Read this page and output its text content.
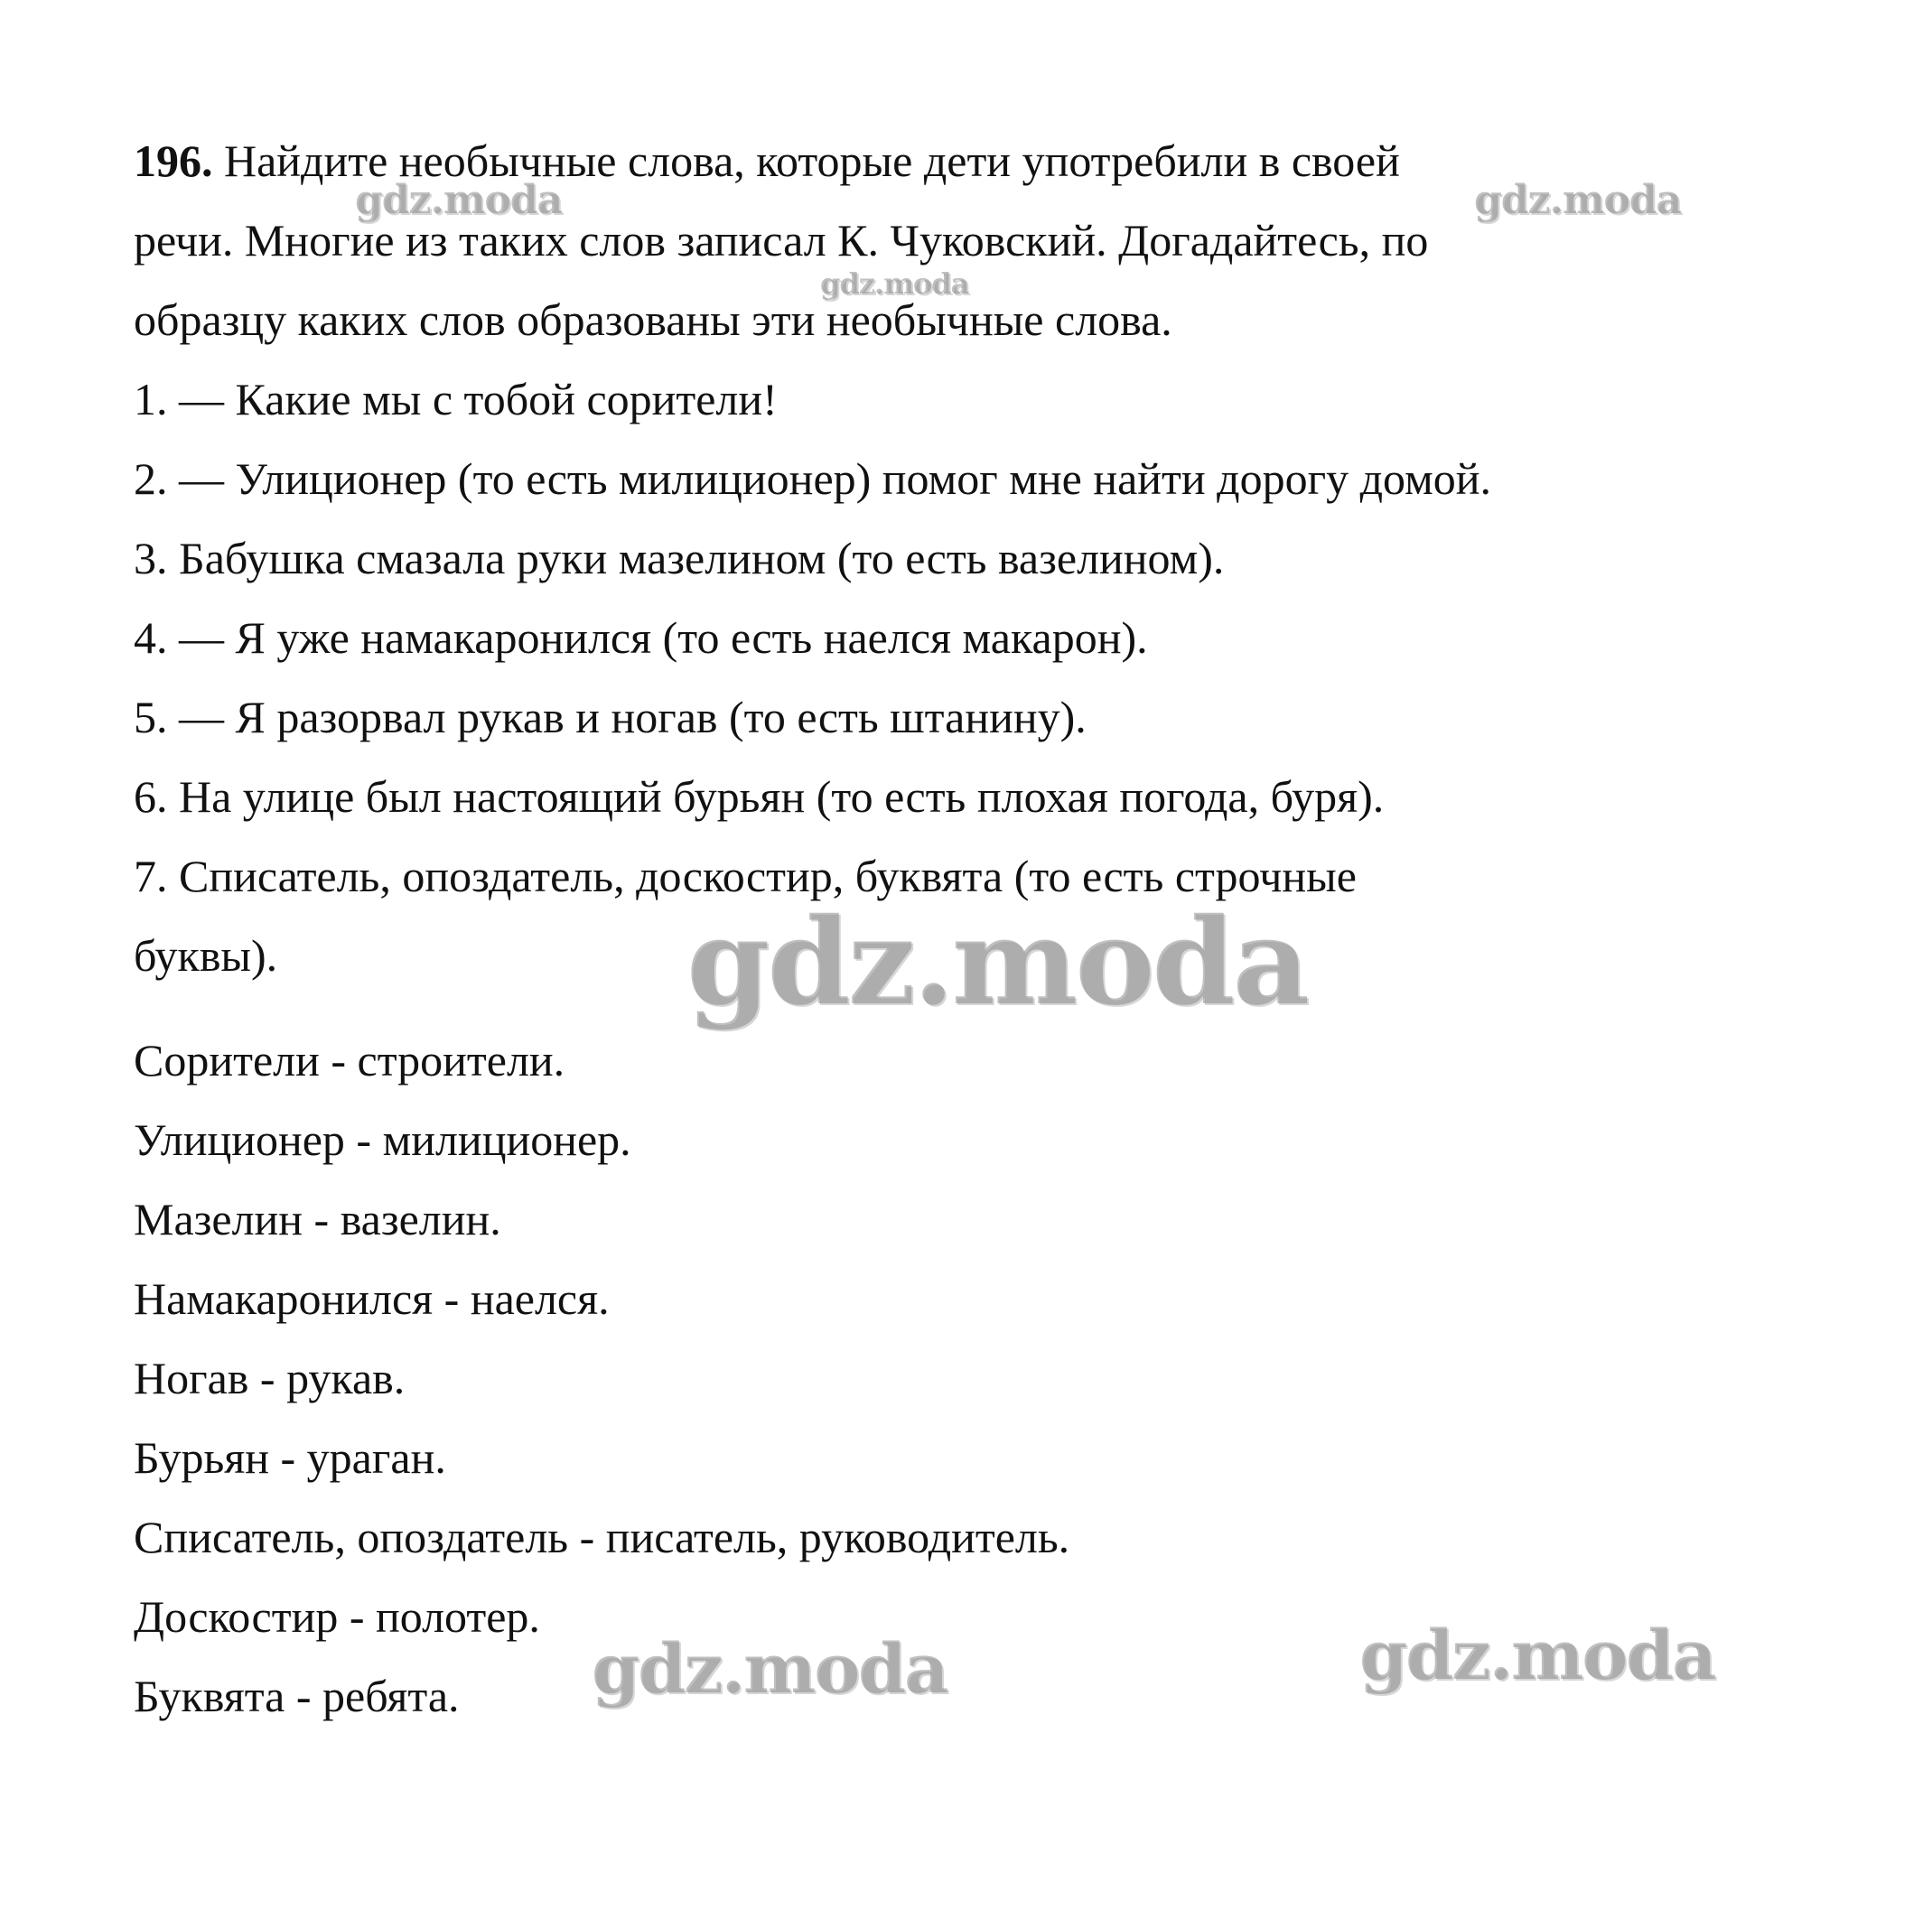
196. Найдите необычные слова, которые дети употребили в своей
речи. Многие из таких слов записал К. Чуковский. Догадайтесь, по
образцу каких слов образованы эти необычные слова.
1. — Какие мы с тобой сорители!
2. — Улиционер (то есть милиционер) помог мне найти дорогу домой.
3. Бабушка смазала руки мазелином (то есть вазелином).
4. — Я уже намакаронился (то есть наелся макарон).
5. — Я разорвал рукав и ногав (то есть штанину).
6. На улице был настоящий бурьян (то есть плохая погода, буря).
7. Списатель, опоздатель, доскостир, буквята (то есть строчные
буквы).
Сорители - строители.
Улиционер - милиционер.
Мазелин - вазелин.
Намакаронился - наелся.
Ногав - рукав.
Бурьян - ураган.
Списатель, опоздатель - писатель, руководитель.
Доскостир - полотер.
Буквята - ребята.
gdz.moda	gdz.moda
gdz.moda
gdz.moda
gdz.moda	gdz.moda
